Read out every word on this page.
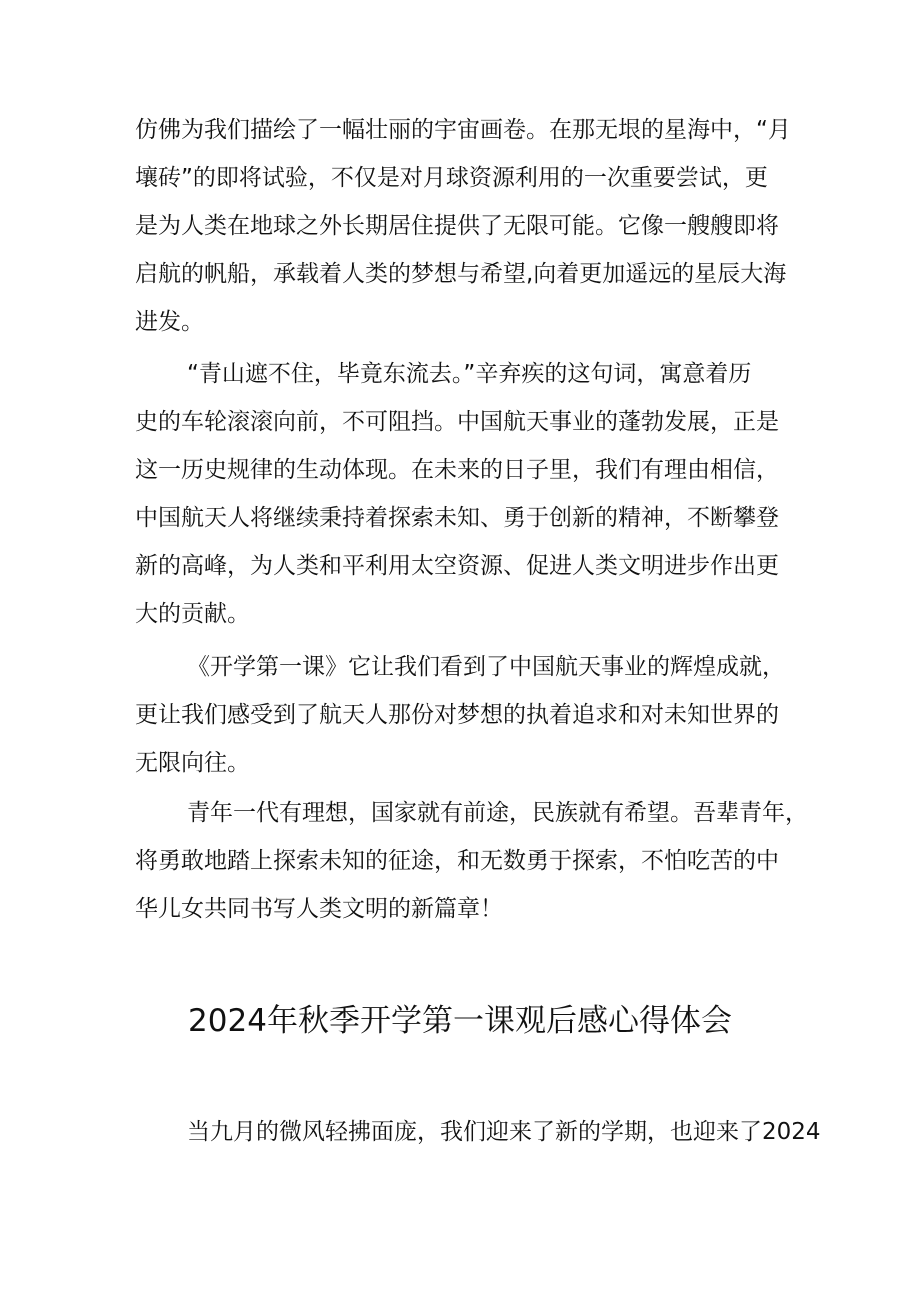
仿佛为我们描绘了一幅壮丽的宇宙画卷。在那无垠的星海中，“月
壤砖”的即将试验，不仅是对月球资源利用的一次重要尝试，更
是为人类在地球之外长期居住提供了无限可能。它像一艘艘即将
启航的帆船，承载着人类的梦想与希望,向着更加遥远的星辰大海
进发。
“青山遮不住，毕竟东流去。”辛弃疾的这句词，寓意着历
史的车轮滚滚向前，不可阻挡。中国航天事业的蓬勃发展，正是
这一历史规律的生动体现。在未来的日子里，我们有理由相信，
中国航天人将继续秉持着探索未知、勇于创新的精神，不断攀登
新的高峰，为人类和平利用太空资源、促进人类文明进步作出更
大的贡献。
《开学第一课》它让我们看到了中国航天事业的辉煌成就，
更让我们感受到了航天人那份对梦想的执着追求和对未知世界的
无限向往。
青年一代有理想，国家就有前途，民族就有希望。吾辈青年，
将勇敢地踏上探索未知的征途，和无数勇于探索，不怕吃苦的中
华儿女共同书写人类文明的新篇章！
2024年秋季开学第一课观后感心得体会
当九月的微风轻拂面庞，我们迎来了新的学期，也迎来了2024
